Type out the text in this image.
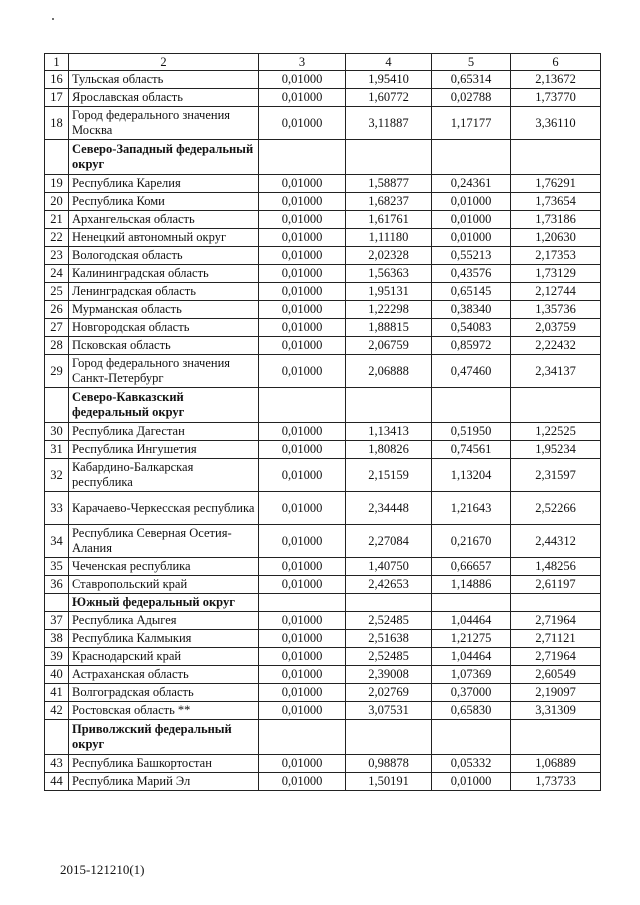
1	2	3	4	5	6
16	Тульская область	0,01000	1,95410	0,65314	2,13672
17	Ярославская область	0,01000	1,60772	0,02788	1,73770
18	Город федерального значения Москва	0,01000	3,11887	1,17177	3,36110
	Северо-Западный федеральный округ				
19	Республика Карелия	0,01000	1,58877	0,24361	1,76291
20	Республика Коми	0,01000	1,68237	0,01000	1,73654
21	Архангельская область	0,01000	1,61761	0,01000	1,73186
22	Ненецкий автономный округ	0,01000	1,11180	0,01000	1,20630
23	Вологодская область	0,01000	2,02328	0,55213	2,17353
24	Калининградская область	0,01000	1,56363	0,43576	1,73129
25	Ленинградская область	0,01000	1,95131	0,65145	2,12744
26	Мурманская область	0,01000	1,22298	0,38340	1,35736
27	Новгородская область	0,01000	1,88815	0,54083	2,03759
28	Псковская область	0,01000	2,06759	0,85972	2,22432
29	Город федерального значения Санкт-Петербург	0,01000	2,06888	0,47460	2,34137
	Северо-Кавказский федеральный округ				
30	Республика Дагестан	0,01000	1,13413	0,51950	1,22525
31	Республика Ингушетия	0,01000	1,80826	0,74561	1,95234
32	Кабардино-Балкарская республика	0,01000	2,15159	1,13204	2,31597
33	Карачаево-Черкесская республика	0,01000	2,34448	1,21643	2,52266
34	Республика Северная Осетия-Алания	0,01000	2,27084	0,21670	2,44312
35	Чеченская республика	0,01000	1,40750	0,66657	1,48256
36	Ставропольский край	0,01000	2,42653	1,14886	2,61197
	Южный федеральный округ				
37	Республика Адыгея	0,01000	2,52485	1,04464	2,71964
38	Республика Калмыкия	0,01000	2,51638	1,21275	2,71121
39	Краснодарский край	0,01000	2,52485	1,04464	2,71964
40	Астраханская область	0,01000	2,39008	1,07369	2,60549
41	Волгоградская область	0,01000	2,02769	0,37000	2,19097
42	Ростовская область **	0,01000	3,07531	0,65830	3,31309
	Приволжский федеральный округ				
43	Республика Башкортостан	0,01000	0,98878	0,05332	1,06889
44	Республика Марий Эл	0,01000	1,50191	0,01000	1,73733
2015-121210(1)
